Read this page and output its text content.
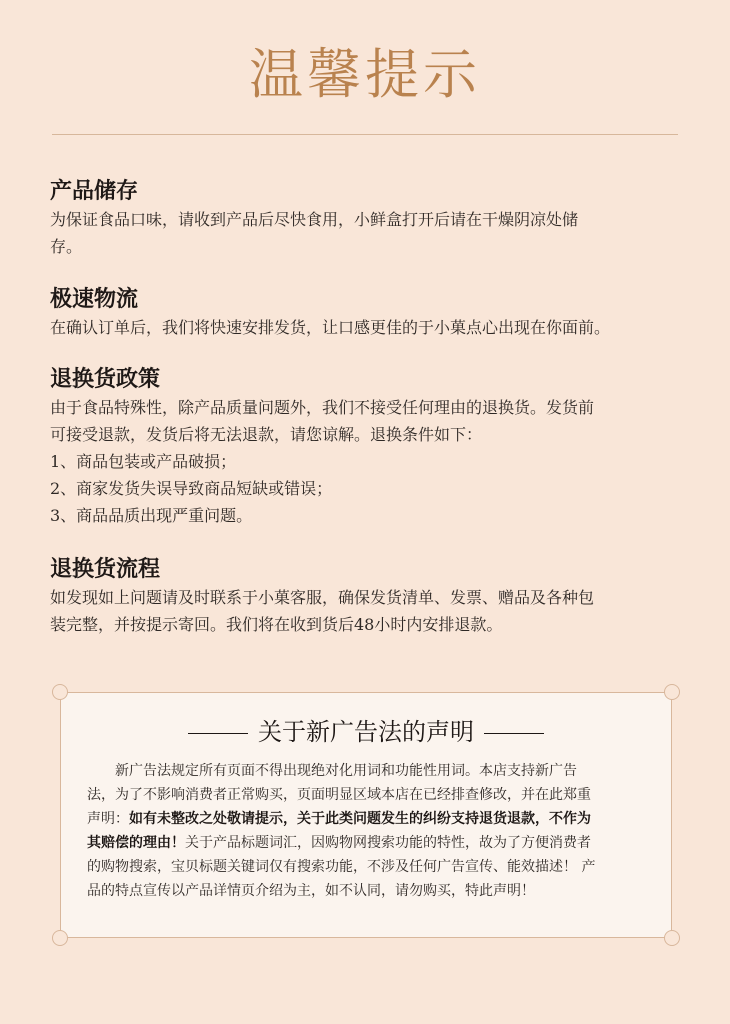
温馨提示
产品储存
为保证食品口味，请收到产品后尽快食用，小鲜盒打开后请在干燥阴凉处储
存。
极速物流
在确认订单后，我们将快速安排发货，让口感更佳的于小菓点心出现在你面前。
退换货政策
由于食品特殊性，除产品质量问题外，我们不接受任何理由的退换货。发货前
可接受退款，发货后将无法退款，请您谅解。退换条件如下：
1、商品包装或产品破损；
2、商家发货失误导致商品短缺或错误；
3、商品品质出现严重问题。
退换货流程
如发现如上问题请及时联系于小菓客服，确保发货清单、发票、赠品及各种包
装完整，并按提示寄回。我们将在收到货后48小时内安排退款。
关于新广告法的声明
新广告法规定所有页面不得出现绝对化用词和功能性用词。本店支持新广告
法，为了不影响消费者正常购买，页面明显区域本店在已经排查修改，并在此郑重
声明：如有未整改之处敬请提示，关于此类问题发生的纠纷支持退货退款，不作为
其赔偿的理由！关于产品标题词汇，因购物网搜索功能的特性，故为了方便消费者
的购物搜索，宝贝标题关键词仅有搜索功能，不涉及任何广告宣传、能效描述！ 产
品的特点宣传以产品详情页介绍为主，如不认同，请勿购买，特此声明！
